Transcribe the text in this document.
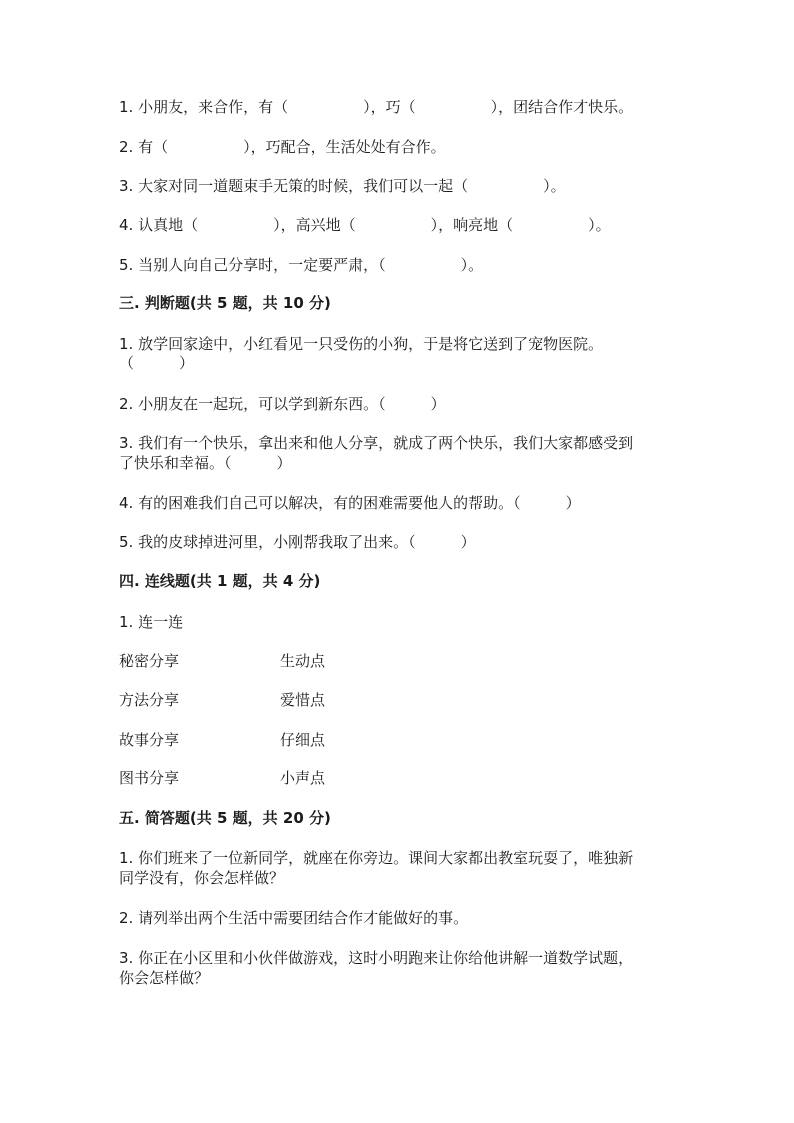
1. 小朋友，来合作，有（　　　　　），巧（　　　　　），团结合作才快乐。
2. 有（　　　　　），巧配合，生活处处有合作。
3. 大家对同一道题束手无策的时候，我们可以一起（　　　　　）。
4. 认真地（　　　　　），高兴地（　　　　　），响亮地（　　　　　）。
5. 当别人向自己分享时，一定要严肃，（　　　　　）。
三. 判断题(共 5 题，共 10 分)
1. 放学回家途中，小红看见一只受伤的小狗，于是将它送到了宠物医院。
（　　　）
2. 小朋友在一起玩，可以学到新东西。（　　　）
3. 我们有一个快乐，拿出来和他人分享，就成了两个快乐，我们大家都感受到
了快乐和幸福。（　　　）
4. 有的困难我们自己可以解决，有的困难需要他人的帮助。（　　　）
5. 我的皮球掉进河里，小刚帮我取了出来。（　　　）
四. 连线题(共 1 题，共 4 分)
1. 连一连
秘密分享	生动点
方法分享	爱惜点
故事分享	仔细点
图书分享	小声点
五. 简答题(共 5 题，共 20 分)
1. 你们班来了一位新同学，就座在你旁边。课间大家都出教室玩耍了，唯独新
同学没有，你会怎样做？
2. 请列举出两个生活中需要团结合作才能做好的事。
3. 你正在小区里和小伙伴做游戏，这时小明跑来让你给他讲解一道数学试题，
你会怎样做？
